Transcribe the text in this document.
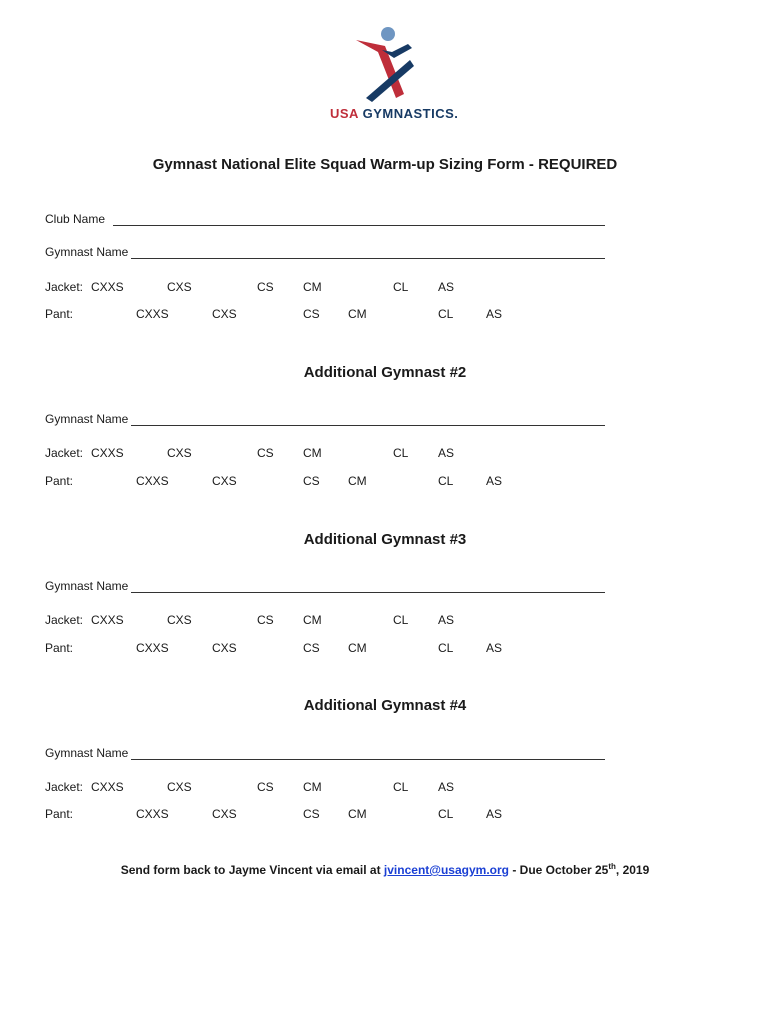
USA GYMNASTICS.
Gymnast National Elite Squad Warm-up Sizing Form - REQUIRED
Club Name
Gymnast Name
Jacket: CXXS	CXS	CS CM	CL AS
Pant:	CXXS	CXS	CS CM	CL	AS
Additional Gymnast #2
Gymnast Name
Jacket: CXXS	CXS	CS CM	CL AS
Pant:	CXXS	CXS	CS CM	CL	AS
Additional Gymnast #3
Gymnast Name
Jacket: CXXS	CXS	CS CM	CL AS
Pant:	CXXS	CXS	CS CM	CL	AS
Additional Gymnast #4
Gymnast Name
Jacket: CXXS	CXS	CS CM	CL AS
Pant:	CXXS	CXS	CS CM	CL	AS
Send form back to Jayme Vincent via email at jvincent@usagym.org - Due October 25th, 2019
